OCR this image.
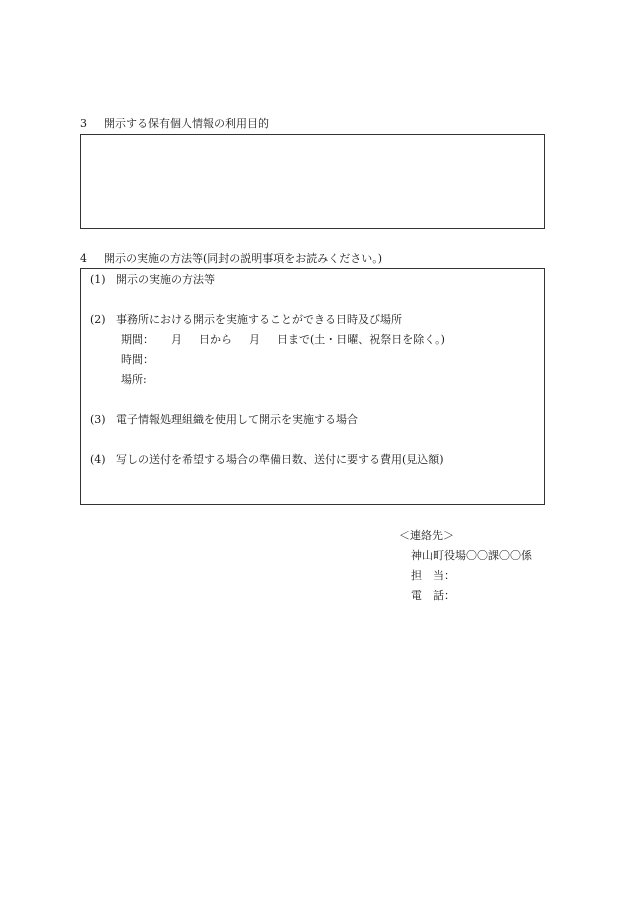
3 開示する保有個人情報の利用目的
4 開示の実施の方法等(同封の説明事項をお読みください。)
(1) 開示の実施の方法等
(2) 事務所における開示を実施することができる日時及び場所
期間： 月 日から 月 日まで(土・日曜、祝祭日を除く。)
時間：
場所:
(3) 電子情報処理組織を使用して開示を実施する場合
(4) 写しの送付を希望する場合の準備日数、送付に要する費用(見込額)
＜連絡先＞
神山町役場〇〇課〇〇係
担　当：
電　話：
